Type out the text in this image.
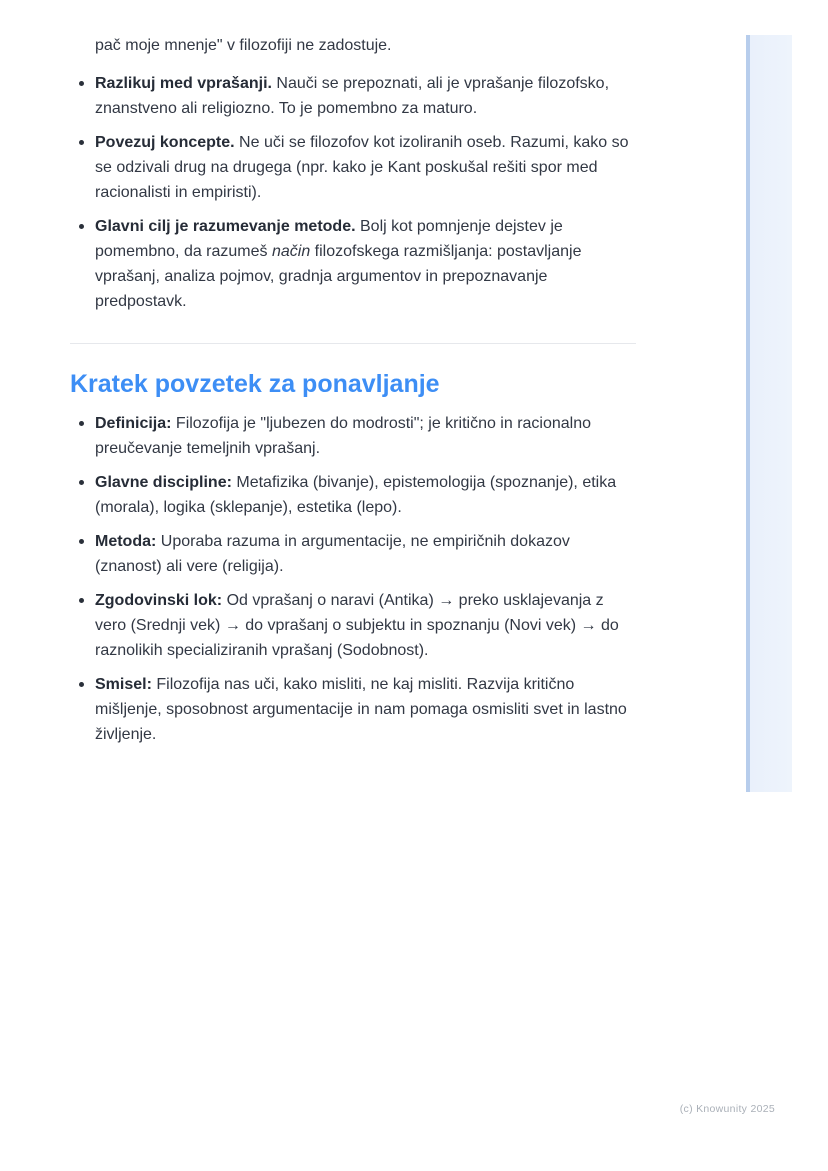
pač moje mnenje" v filozofiji ne zadostuje.

Razlikuj med vprašanji. Nauči se prepoznati, ali je vprašanje filozofsko, znanstveno ali religiozno. To je pomembno za maturo.
Povezuj koncepte. Ne uči se filozofov kot izoliranih oseb. Razumi, kako so se odzivali drug na drugega (npr. kako je Kant poskušal rešiti spor med racionalisti in empiristi).
Glavni cilj je razumevanje metode. Bolj kot pomnjenje dejstev je pomembno, da razumeš način filozofskega razmišljanja: postavljanje vprašanj, analiza pojmov, gradnja argumentov in prepoznavanje predpostavk.
Kratek povzetek za ponavljanje
Definicija: Filozofija je "ljubezen do modrosti"; je kritično in racionalno preučevanje temeljnih vprašanj.
Glavne discipline: Metafizika (bivanje), epistemologija (spoznanje), etika (morala), logika (sklepanje), estetika (lepo).
Metoda: Uporaba razuma in argumentacije, ne empiričnih dokazov (znanost) ali vere (religija).
Zgodovinski lok: Od vprašanj o naravi (Antika) → preko usklajevanja z vero (Srednji vek) → do vprašanj o subjektu in spoznanju (Novi vek) → do raznolikih specializiranih vprašanj (Sodobnost).
Smisel: Filozofija nas uči, kako misliti, ne kaj misliti. Razvija kritično mišljenje, sposobnost argumentacije in nam pomaga osmisliti svet in lastno življenje.
(c) Knowunity 2025
